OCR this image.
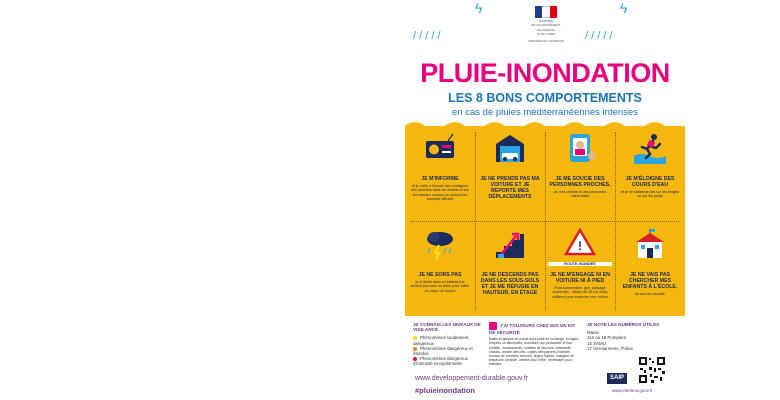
/ / / / /	/ / / / /
ϟ	ϟ
MINISTÈRE
DE L'ENVIRONNEMENT,
DE L'ÉNERGIE
ET DE LA MER
MINISTÈRE DE L'INTÉRIEUR
PLUIE-INONDATION
LES 8 BONS COMPORTEMENTS
en cas de pluies méditerranéennes intenses
JE M'INFORME
et je veille à l'écoute des consignes des autorités dans les médias et sur les réseaux sociaux en suivant les comptes officiels
JE NE PRENDS PAS MA VOITURE ET JE REPORTE MES DÉPLACEMENTS
JE ME SOUCIE DES PERSONNES PROCHES,
de mes voisins et des personnes vulnérables
JE M'ÉLOIGNE DES COURS D'EAU
et je ne stationne pas sur les berges ou sur les ponts
JE NE SORS PAS
je m'abrite dans un bâtiment et surtout pas sous un arbre pour éviter un risque de foudre
JE NE DESCENDS PAS DANS LES SOUS-SOLS ET JE ME RÉFUGIE EN HAUTEUR, EN ÉTAGE
!
ROUTE INONDÉE
JE NE M'ENGAGE NI EN VOITURE NI À PIED
Pont submersible, gué, passage souterrain... Moins de 30 cm d'eau suffisent pour emporter une voiture
JE NE VAIS PAS CHERCHER MES ENFANTS À L'ÉCOLE,
ils sont en sécurité
JE CONNAIS LES NIVEAUX DE VIGILANCE
Phénomènes localement dangereux
Phénomènes dangereux et étendus
Phénomènes dangereux d'intensité exceptionnelle
J'AI TOUJOURS CHEZ MOI UN KIT DE SÉCURITÉ
Radio et lampes de poche avec piles de rechange, bougies, briquets ou allumettes, nourriture non périssable et eau potable, médicaments, lunettes de secours, vêtements chauds, double des clés, copies des papiers d'identité, trousse de premiers secours, argent liquide, chargeur de téléphone portable, articles pour bébé, nécessaire pour animaux
JE NOTE LES NUMÉROS UTILES
Mairie
112 ou 18 Pompiers
15 SAMU
17 Gendarmerie, Police
www.developpement-durable.gouv.fr
#pluieinondation
SAIP
www.interieur.gouv.fr
